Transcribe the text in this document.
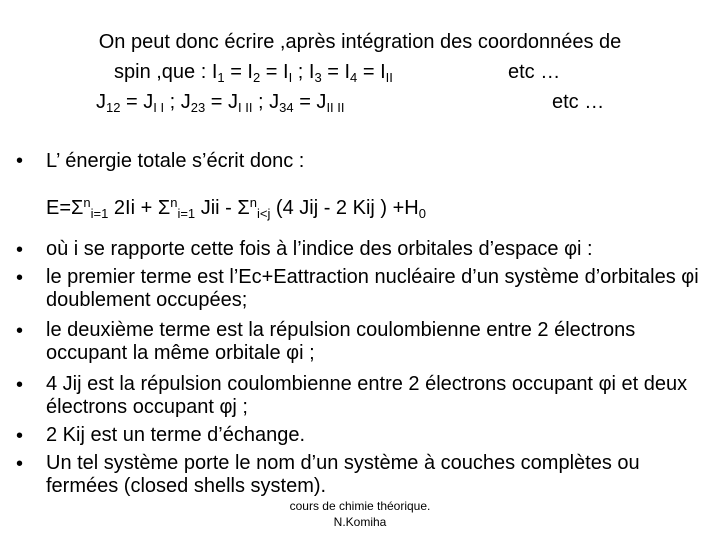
On peut donc écrire ,après intégration des coordonnées de
spin ,que : $I_1 = I_2 = I_I$ ; $I_3 = I_4 = I_{II}$	etc …
$J_{12} = J_{I I}$ ; $J_{23} = J_{I II}$ ; $J_{34} = J_{II II}$	etc …
• L’ énergie totale s’écrit donc :
$E=\Sigma^n_{i=1}$ $2Ii + \Sigma^n_{i=1}$ Jii - $\Sigma^n_{i<j}$ (4 Jij - 2 Kij ) $+H_0$
• où i se rapporte cette fois à l’indice des orbitales d’espace φi :
• le premier terme est l’Ec+Eattraction nucléaire d’un système d’orbitales φi doublement occupées;
• le deuxième terme est la répulsion coulombienne entre 2 électrons occupant la même orbitale φi ;
• 4 Jij est la répulsion coulombienne entre 2 électrons occupant φi et deux électrons occupant φj ;
• 2 Kij est un terme d’échange.
• Un tel système porte le nom d’un système à couches complètes ou fermées (closed shells system).
cours de chimie théorique.
N.Komiha
